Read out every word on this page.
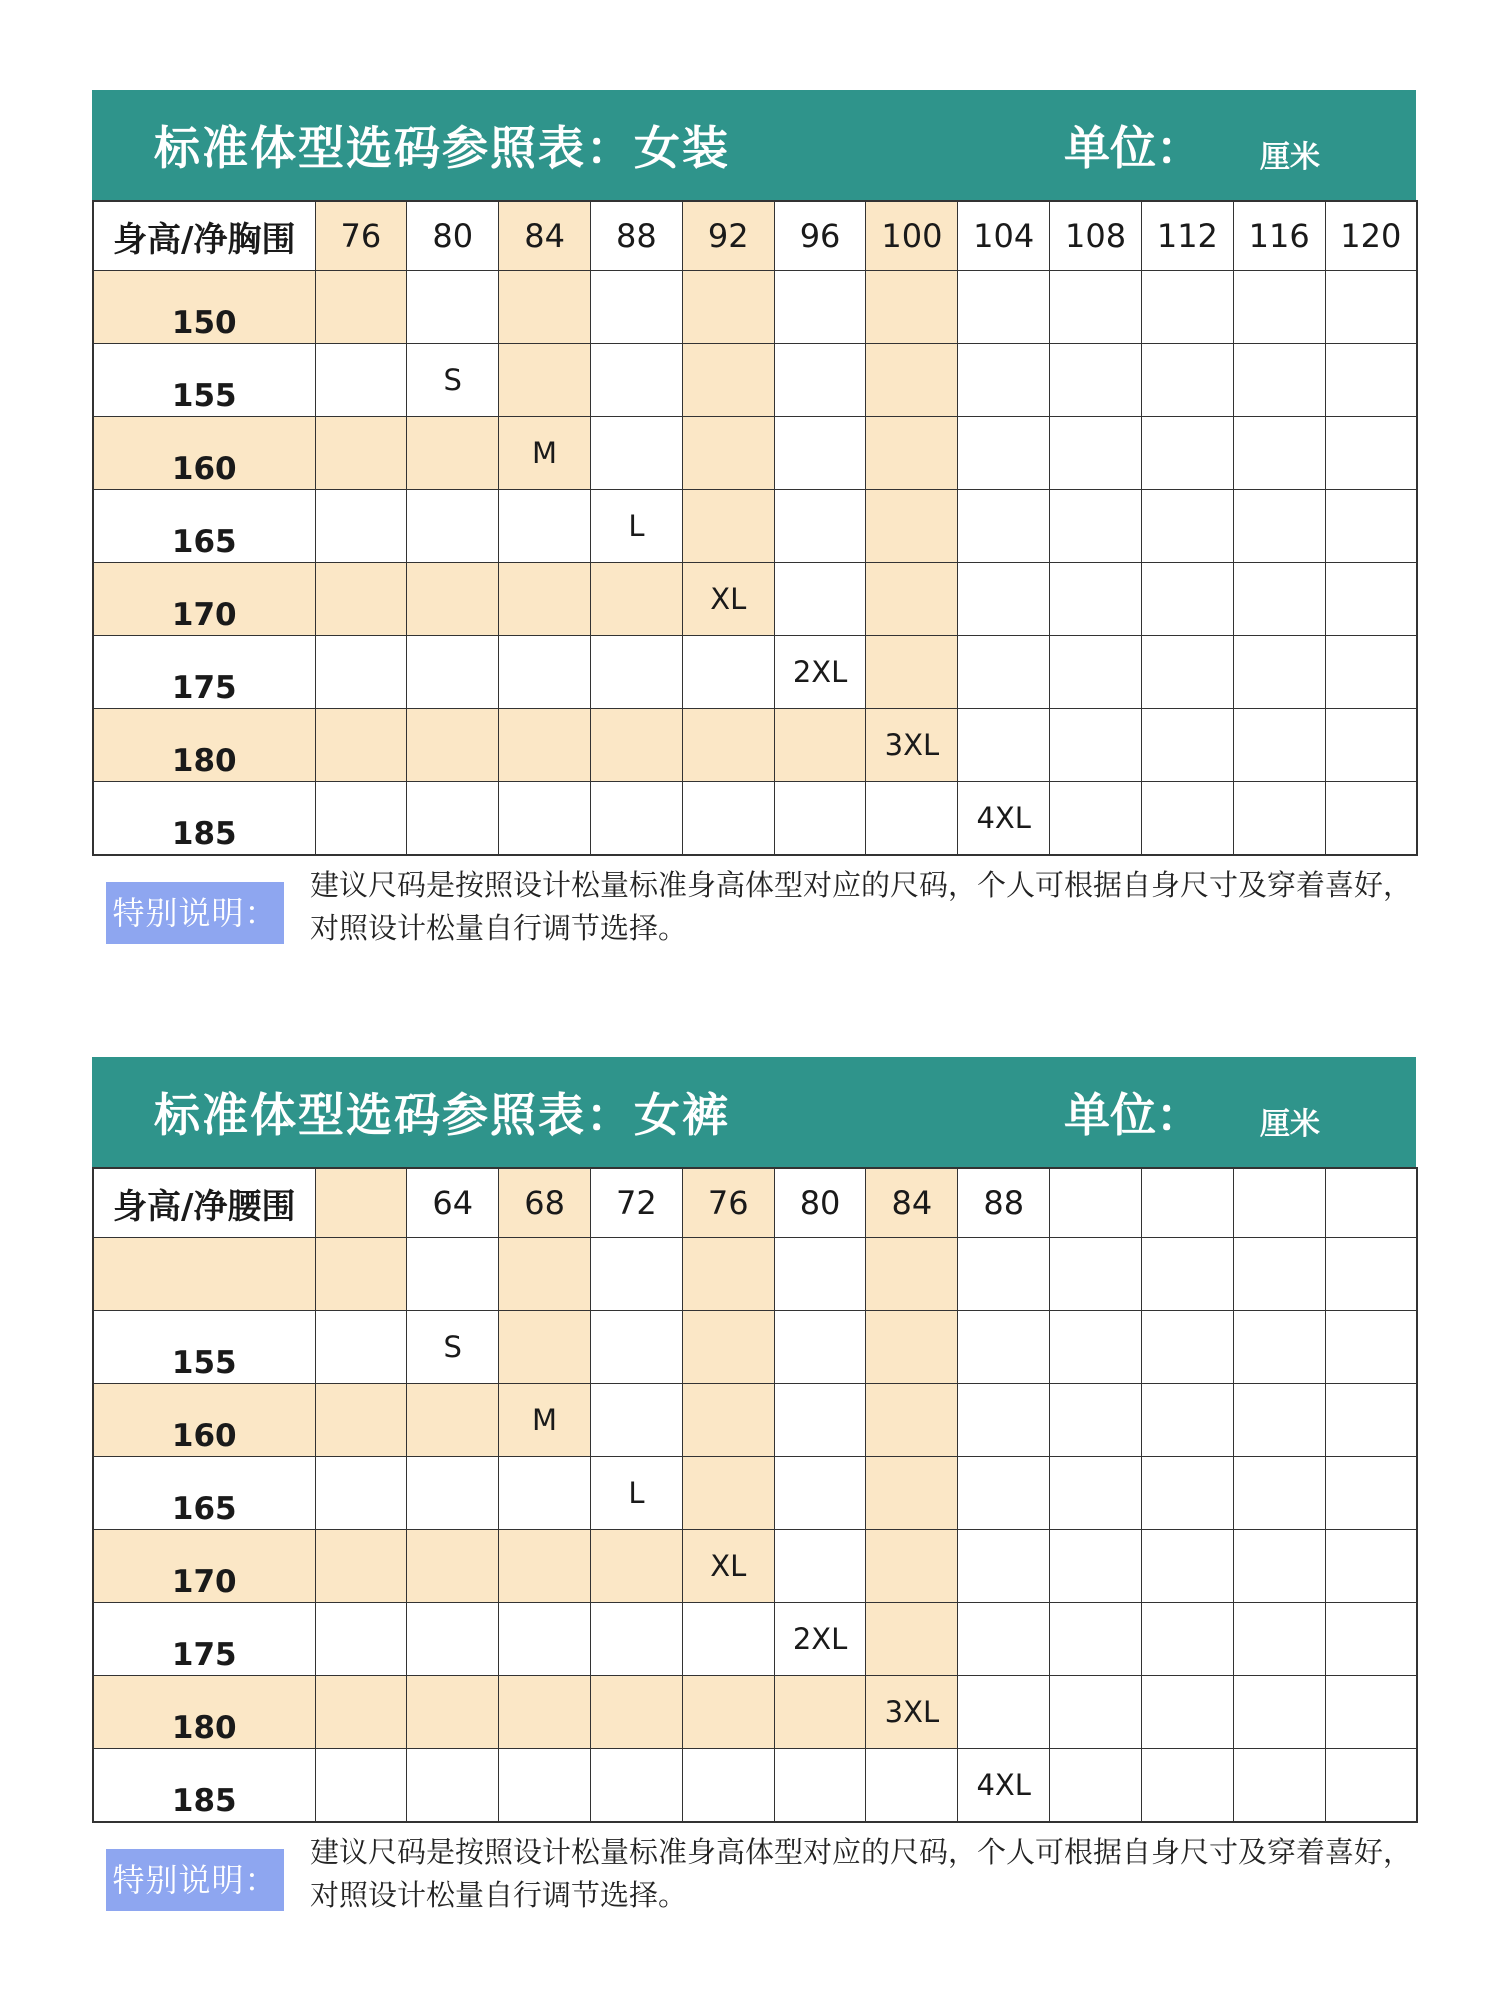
标准体型选码参照表：女装	单位： 厘米
身高/净胸围	76	80	84	88	92	96	100	104	108	112	116	120
150												
155		S										
160			M									
165				L								
170					XL							
175						2XL						
180							3XL					
185								4XL				
特别说明：
建议尺码是按照设计松量标准身高体型对应的尺码，个人可根据自身尺寸及穿着喜好，对照设计松量自行调节选择。
标准体型选码参照表：女裤	单位： 厘米
身高/净腰围		64	68	72	76	80	84	88				

155		S										
160			M									
165				L								
170					XL							
175						2XL						
180							3XL					
185								4XL				
特别说明：
建议尺码是按照设计松量标准身高体型对应的尺码，个人可根据自身尺寸及穿着喜好，对照设计松量自行调节选择。
